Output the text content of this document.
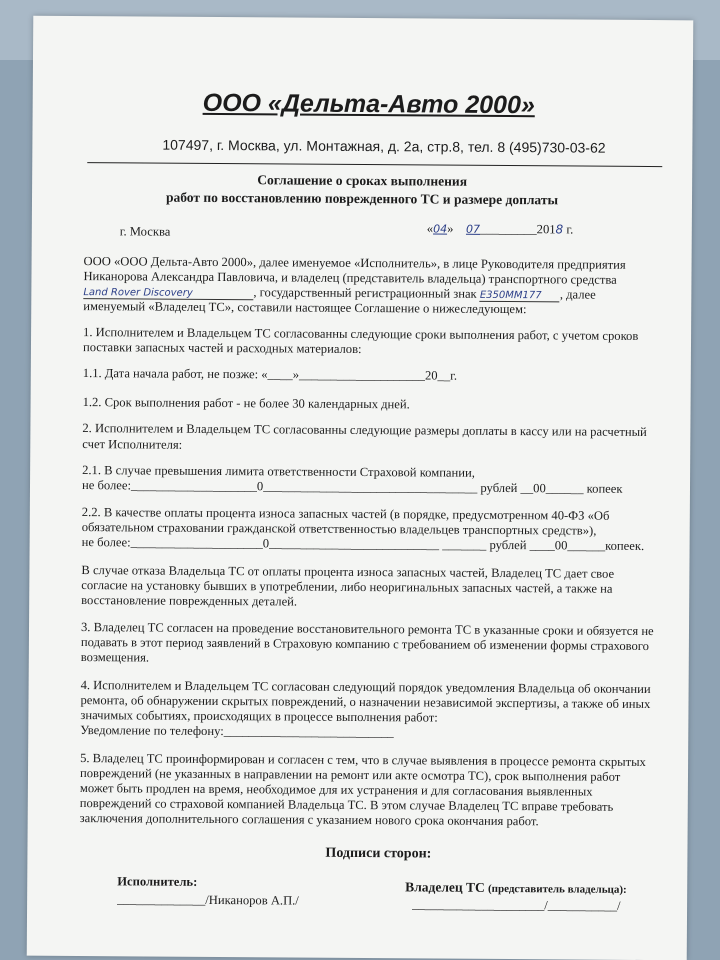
ООО «Дельта-Авто 2000»
107497, г. Москва, ул. Монтажная, д. 2а, стр.8, тел. 8 (495)730-03-62
Соглашение о сроках выполнения
работ по восстановлению поврежденного ТС и размере доплаты
г. Москва	«04» 07_________2018 г.
ООО «ООО Дельта-Авто 2000», далее именуемое «Исполнитель», в лице Руководителя предприятия
Никанорова Александра Павловича, и владелец (представитель владельца) транспортного средства
Land Rover Discovery	, государственный регистрационный знак E350MM177 , далее
именуемый «Владелец ТС», составили настоящее Соглашение о нижеследующем:
1. Исполнителем и Владельцем ТС согласованны следующие сроки выполнения работ, с учетом сроков
поставки запасных частей и расходных материалов:
1.1. Дата начала работ, не позже: «____»____________________20__г.
1.2. Срок выполнения работ - не более 30 календарных дней.
2. Исполнителем и Владельцем ТС согласованны следующие размеры доплаты в кассу или на расчетный
счет Исполнителя:
2.1. В случае превышения лимита ответственности Страховой компании,
не более:____________________0__________________________________ рублей __00______ копеек
2.2. В качестве оплаты процента износа запасных частей (в порядке, предусмотренном 40-ФЗ «Об
обязательном страховании гражданской ответственностью владельцев транспортных средств»),
не более:_____________________0___________________________ _______ рублей ____00______копеек.
В случае отказа Владельца ТС от оплаты процента износа запасных частей, Владелец ТС дает свое
согласие на установку бывших в употреблении, либо неоригинальных запасных частей, а также на
восстановление поврежденных деталей.
3. Владелец ТС согласен на проведение восстановительного ремонта ТС в указанные сроки и обязуется не
подавать в этот период заявлений в Страховую компанию с требованием об изменении формы страхового
возмещения.
4. Исполнителем и Владельцем ТС согласован следующий порядок уведомления Владельца об окончании
ремонта, об обнаружении скрытых повреждений, о назначении независимой экспертизы, а также об иных
значимых событиях, происходящих в процессе выполнения работ:
Уведомление по телефону:___________________________
5. Владелец ТС проинформирован и согласен с тем, что в случае выявления в процессе ремонта скрытых
повреждений (не указанных в направлении на ремонт или акте осмотра ТС), срок выполнения работ
может быть продлен на время, необходимое для их устранения и для согласования выявленных
повреждений со страховой компанией Владельца ТС. В этом случае Владелец ТС вправе требовать
заключения дополнительного соглашения с указанием нового срока окончания работ.
Подписи сторон:
Исполнитель:
______________/Никаноров А.П./
Владелец ТС (представитель владельца):
_____________________/___________/
